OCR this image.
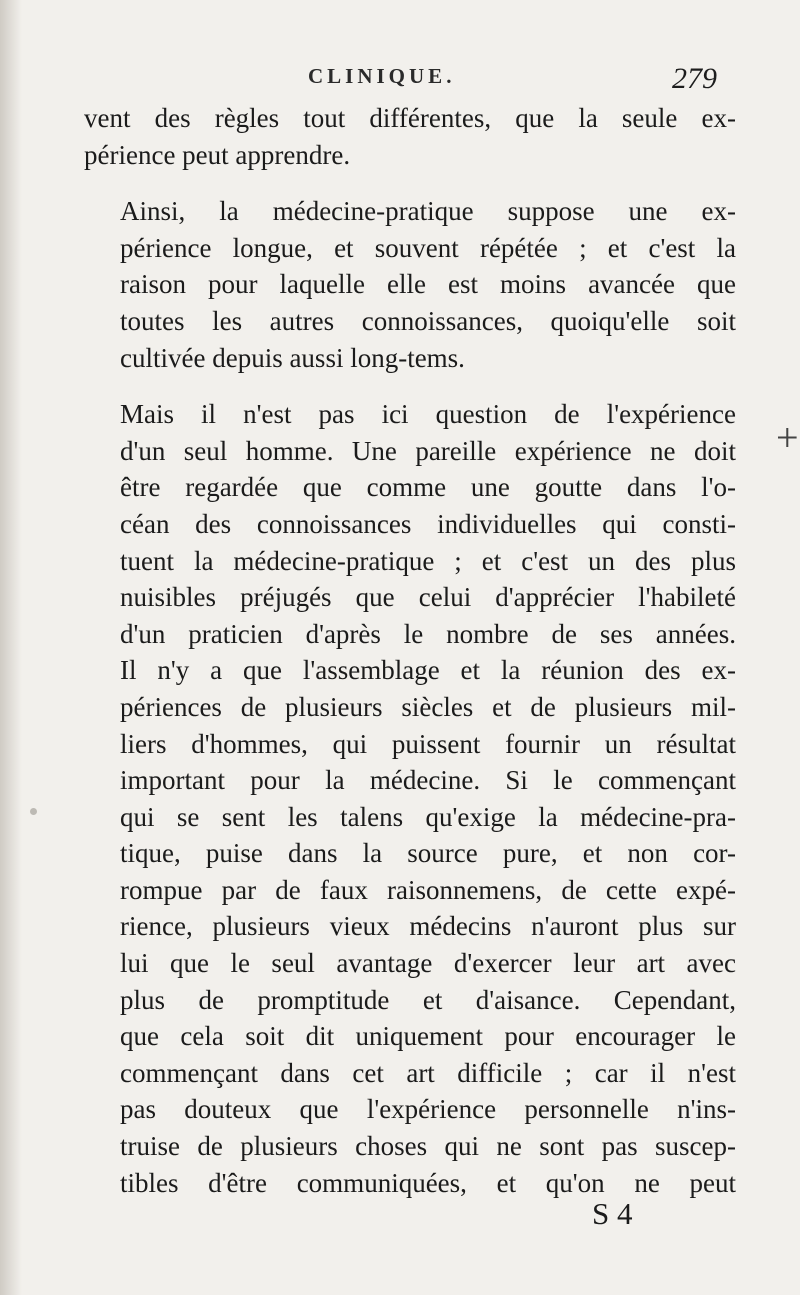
CLINIQUE.	279

vent des règles tout différentes, que la seule ex-
périence peut apprendre.

Ainsi, la médecine-pratique suppose une ex-
périence longue, et souvent répétée ; et c'est la
raison pour laquelle elle est moins avancée que
toutes les autres connoissances, quoiqu'elle soit
cultivée depuis aussi long-tems.

Mais il n'est pas ici question de l'expérience
d'un seul homme. Une pareille expérience ne doit
être regardée que comme une goutte dans l'o-
céan des connoissances individuelles qui consti-
tuent la médecine-pratique ; et c'est un des plus
nuisibles préjugés que celui d'apprécier l'habileté
d'un praticien d'après le nombre de ses années.
Il n'y a que l'assemblage et la réunion des ex-
périences de plusieurs siècles et de plusieurs mil-
liers d'hommes, qui puissent fournir un résultat
important pour la médecine. Si le commençant
qui se sent les talens qu'exige la médecine-pra-
tique, puise dans la source pure, et non cor-
rompue par de faux raisonnemens, de cette expé-
rience, plusieurs vieux médecins n'auront plus sur
lui que le seul avantage d'exercer leur art avec
plus de promptitude et d'aisance. Cependant,
que cela soit dit uniquement pour encourager le
commençant dans cet art difficile ; car il n'est
pas douteux que l'expérience personnelle n'ins-
truise de plusieurs choses qui ne sont pas suscep-
tibles d'être communiquées, et qu'on ne peut

+
S 4
